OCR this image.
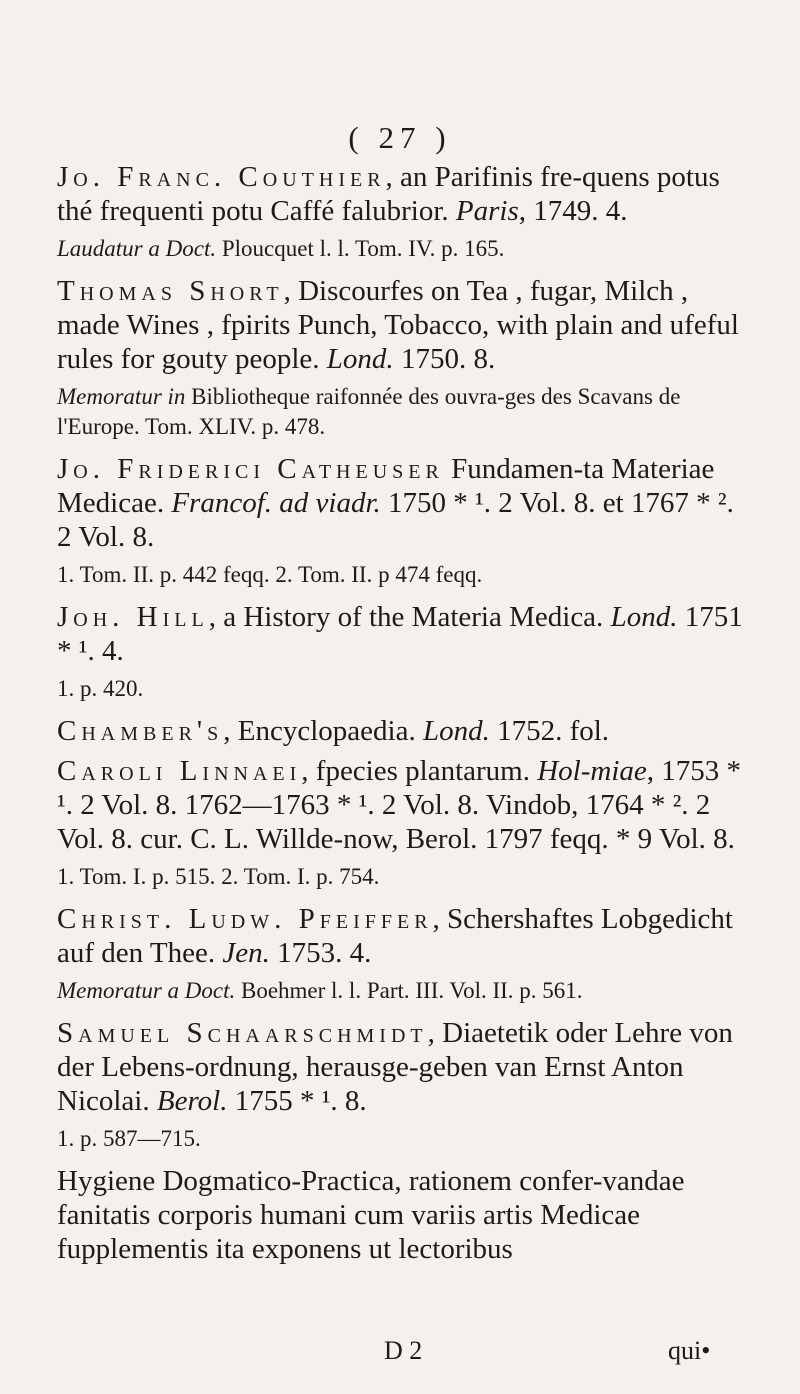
( 27 )

Jo. Franc. Couthier, an Parifinis fre-quens potus thé frequenti potu Caffé falubrior. Paris, 1749. 4.

Laudatur a Doct. Ploucquet l. l. Tom. IV. p. 165.

Thomas Short, Discourfes on Tea , fugar, Milch , made Wines , fpirits Punch, Tobacco, with plain and ufeful rules for gouty people. Lond. 1750. 8.

Memoratur in Bibliotheque raifonnée des ouvra-ges des Scavans de l'Europe. Tom. XLIV. p. 478.

Jo. Friderici Catheuser Fundamen-ta Materiae Medicae. Francof. ad viadr. 1750 * ¹. 2 Vol. 8. et 1767 * ². 2 Vol. 8.

1. Tom. II. p. 442 feqq. 2. Tom. II. p 474 feqq.

Joh. Hill, a History of the Materia Medica. Lond. 1751 * ¹. 4.

1. p. 420.

Chamber's, Encyclopaedia. Lond. 1752. fol.

Caroli Linnaei, fpecies plantarum. Hol-miae, 1753 * ¹. 2 Vol. 8. 1762—1763 * ¹. 2 Vol. 8. Vindob, 1764 * ². 2 Vol. 8. cur. C. L. Willde-now, Berol. 1797 feqq. * 9 Vol. 8.

1. Tom. I. p. 515. 2. Tom. I. p. 754.

Christ. Ludw. Pfeiffer, Schershaftes Lobgedicht auf den Thee. Jen. 1753. 4.

Memoratur a Doct. Boehmer l. l. Part. III. Vol. II. p. 561.

Samuel Schaarschmidt, Diaetetik oder Lehre von der Lebens-ordnung, herausge-geben van Ernst Anton Nicolai. Berol. 1755 * ¹. 8.

1. p. 587—715.

Hygiene Dogmatico-Practica, rationem confer-vandae fanitatis corporis humani cum variis artis Medicae fupplementis ita exponens ut lectoribus

D 2	qui•
